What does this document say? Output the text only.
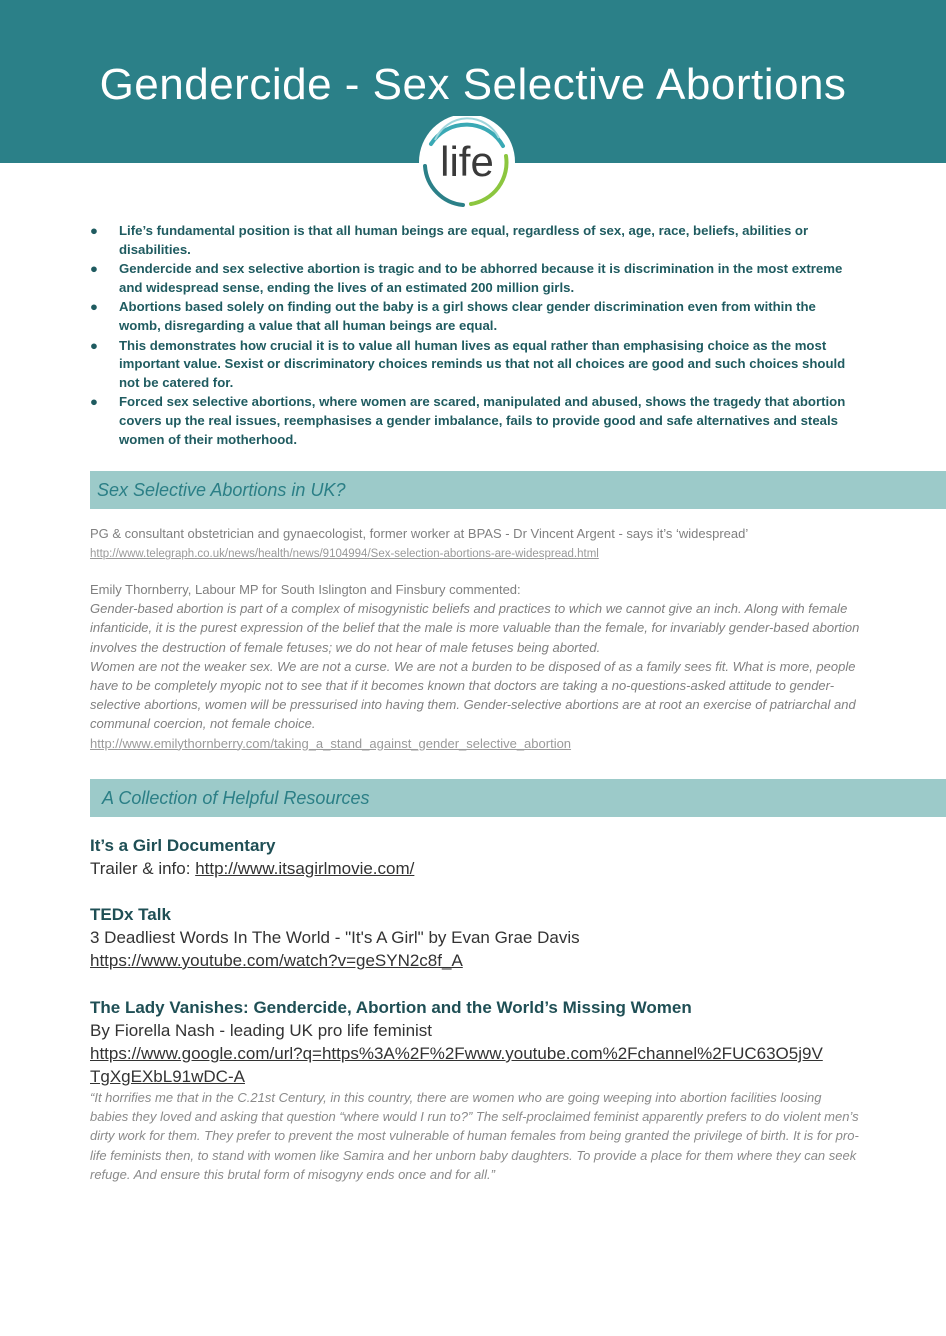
Gendercide - Sex Selective Abortions
life
● Life’s fundamental position is that all human beings are equal, regardless of sex, age, race, beliefs, abilities or disabilities.
● Gendercide and sex selective abortion is tragic and to be abhorred because it is discrimination in the most extreme and widespread sense, ending the lives of an estimated 200 million girls.
● Abortions based solely on finding out the baby is a girl shows clear gender discrimination even from within the womb, disregarding a value that all human beings are equal.
● This demonstrates how crucial it is to value all human lives as equal rather than emphasising choice as the most important value. Sexist or discriminatory choices reminds us that not all choices are good and such choices should not be catered for.
● Forced sex selective abortions, where women are scared, manipulated and abused, shows the tragedy that abortion covers up the real issues, reemphasises a gender imbalance, fails to provide good and safe alternatives and steals women of their motherhood.
Sex Selective Abortions in UK?
PG & consultant obstetrician and gynaecologist, former worker at BPAS - Dr Vincent Argent - says it’s ‘widespread’
http://www.telegraph.co.uk/news/health/news/9104994/Sex-selection-abortions-are-widespread.html
Emily Thornberry, Labour MP for South Islington and Finsbury commented:
Gender-based abortion is part of a complex of misogynistic beliefs and practices to which we cannot give an inch. Along with female infanticide, it is the purest expression of the belief that the male is more valuable than the female, for invariably gender-based abortion involves the destruction of female fetuses; we do not hear of male fetuses being aborted.
Women are not the weaker sex. We are not a curse. We are not a burden to be disposed of as a family sees fit. What is more, people have to be completely myopic not to see that if it becomes known that doctors are taking a no-questions-asked attitude to gender-selective abortions, women will be pressurised into having them. Gender-selective abortions are at root an exercise of patriarchal and communal coercion, not female choice.
http://www.emilythornberry.com/taking_a_stand_against_gender_selective_abortion
A Collection of Helpful Resources
It’s a Girl Documentary
Trailer & info: http://www.itsagirlmovie.com/
TEDx Talk
3 Deadliest Words In The World - "It's A Girl" by Evan Grae Davis
https://www.youtube.com/watch?v=geSYN2c8f_A
The Lady Vanishes: Gendercide, Abortion and the World’s Missing Women
By Fiorella Nash - leading UK pro life feminist
https://www.google.com/url?q=https%3A%2F%2Fwww.youtube.com%2Fchannel%2FUC63O5j9V
TgXgEXbL91wDC-A
“It horrifies me that in the C.21st Century, in this country, there are women who are going weeping into abortion facilities loosing babies they loved and asking that question “where would I run to?” The self-proclaimed feminist apparently prefers to do violent men’s dirty work for them. They prefer to prevent the most vulnerable of human females from being granted the privilege of birth. It is for pro-life feminists then, to stand with women like Samira and her unborn baby daughters. To provide a place for them where they can seek refuge. And ensure this brutal form of misogyny ends once and for all.”
